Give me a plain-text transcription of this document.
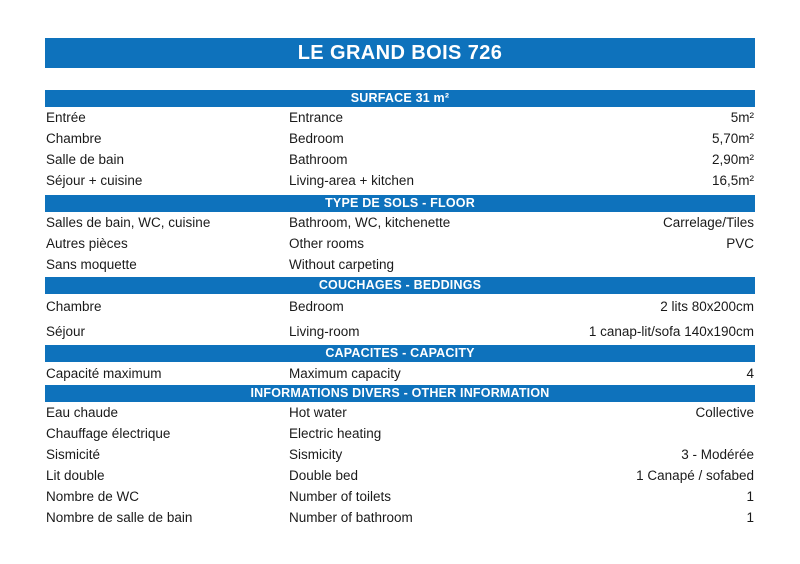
LE GRAND BOIS 726
SURFACE 31 m²
Entrée	Entrance	5m²
Chambre	Bedroom	5,70m²
Salle de bain	Bathroom	2,90m²
Séjour + cuisine	Living-area + kitchen	16,5m²
TYPE DE SOLS - FLOOR
Salles de bain, WC, cuisine	Bathroom, WC, kitchenette	Carrelage/Tiles
Autres pièces	Other rooms	PVC
Sans moquette	Without carpeting
COUCHAGES - BEDDINGS
Chambre	Bedroom	2 lits 80x200cm
Séjour	Living-room	1 canap-lit/sofa 140x190cm
CAPACITES - CAPACITY
Capacité maximum	Maximum capacity	4
INFORMATIONS DIVERS - OTHER INFORMATION
Eau chaude	Hot water	Collective
Chauffage électrique	Electric heating
Sismicité	Sismicity	3 - Modérée
Lit double	Double bed	1 Canapé / sofabed
Nombre de WC	Number of toilets	1
Nombre de salle de bain	Number of bathroom	1
